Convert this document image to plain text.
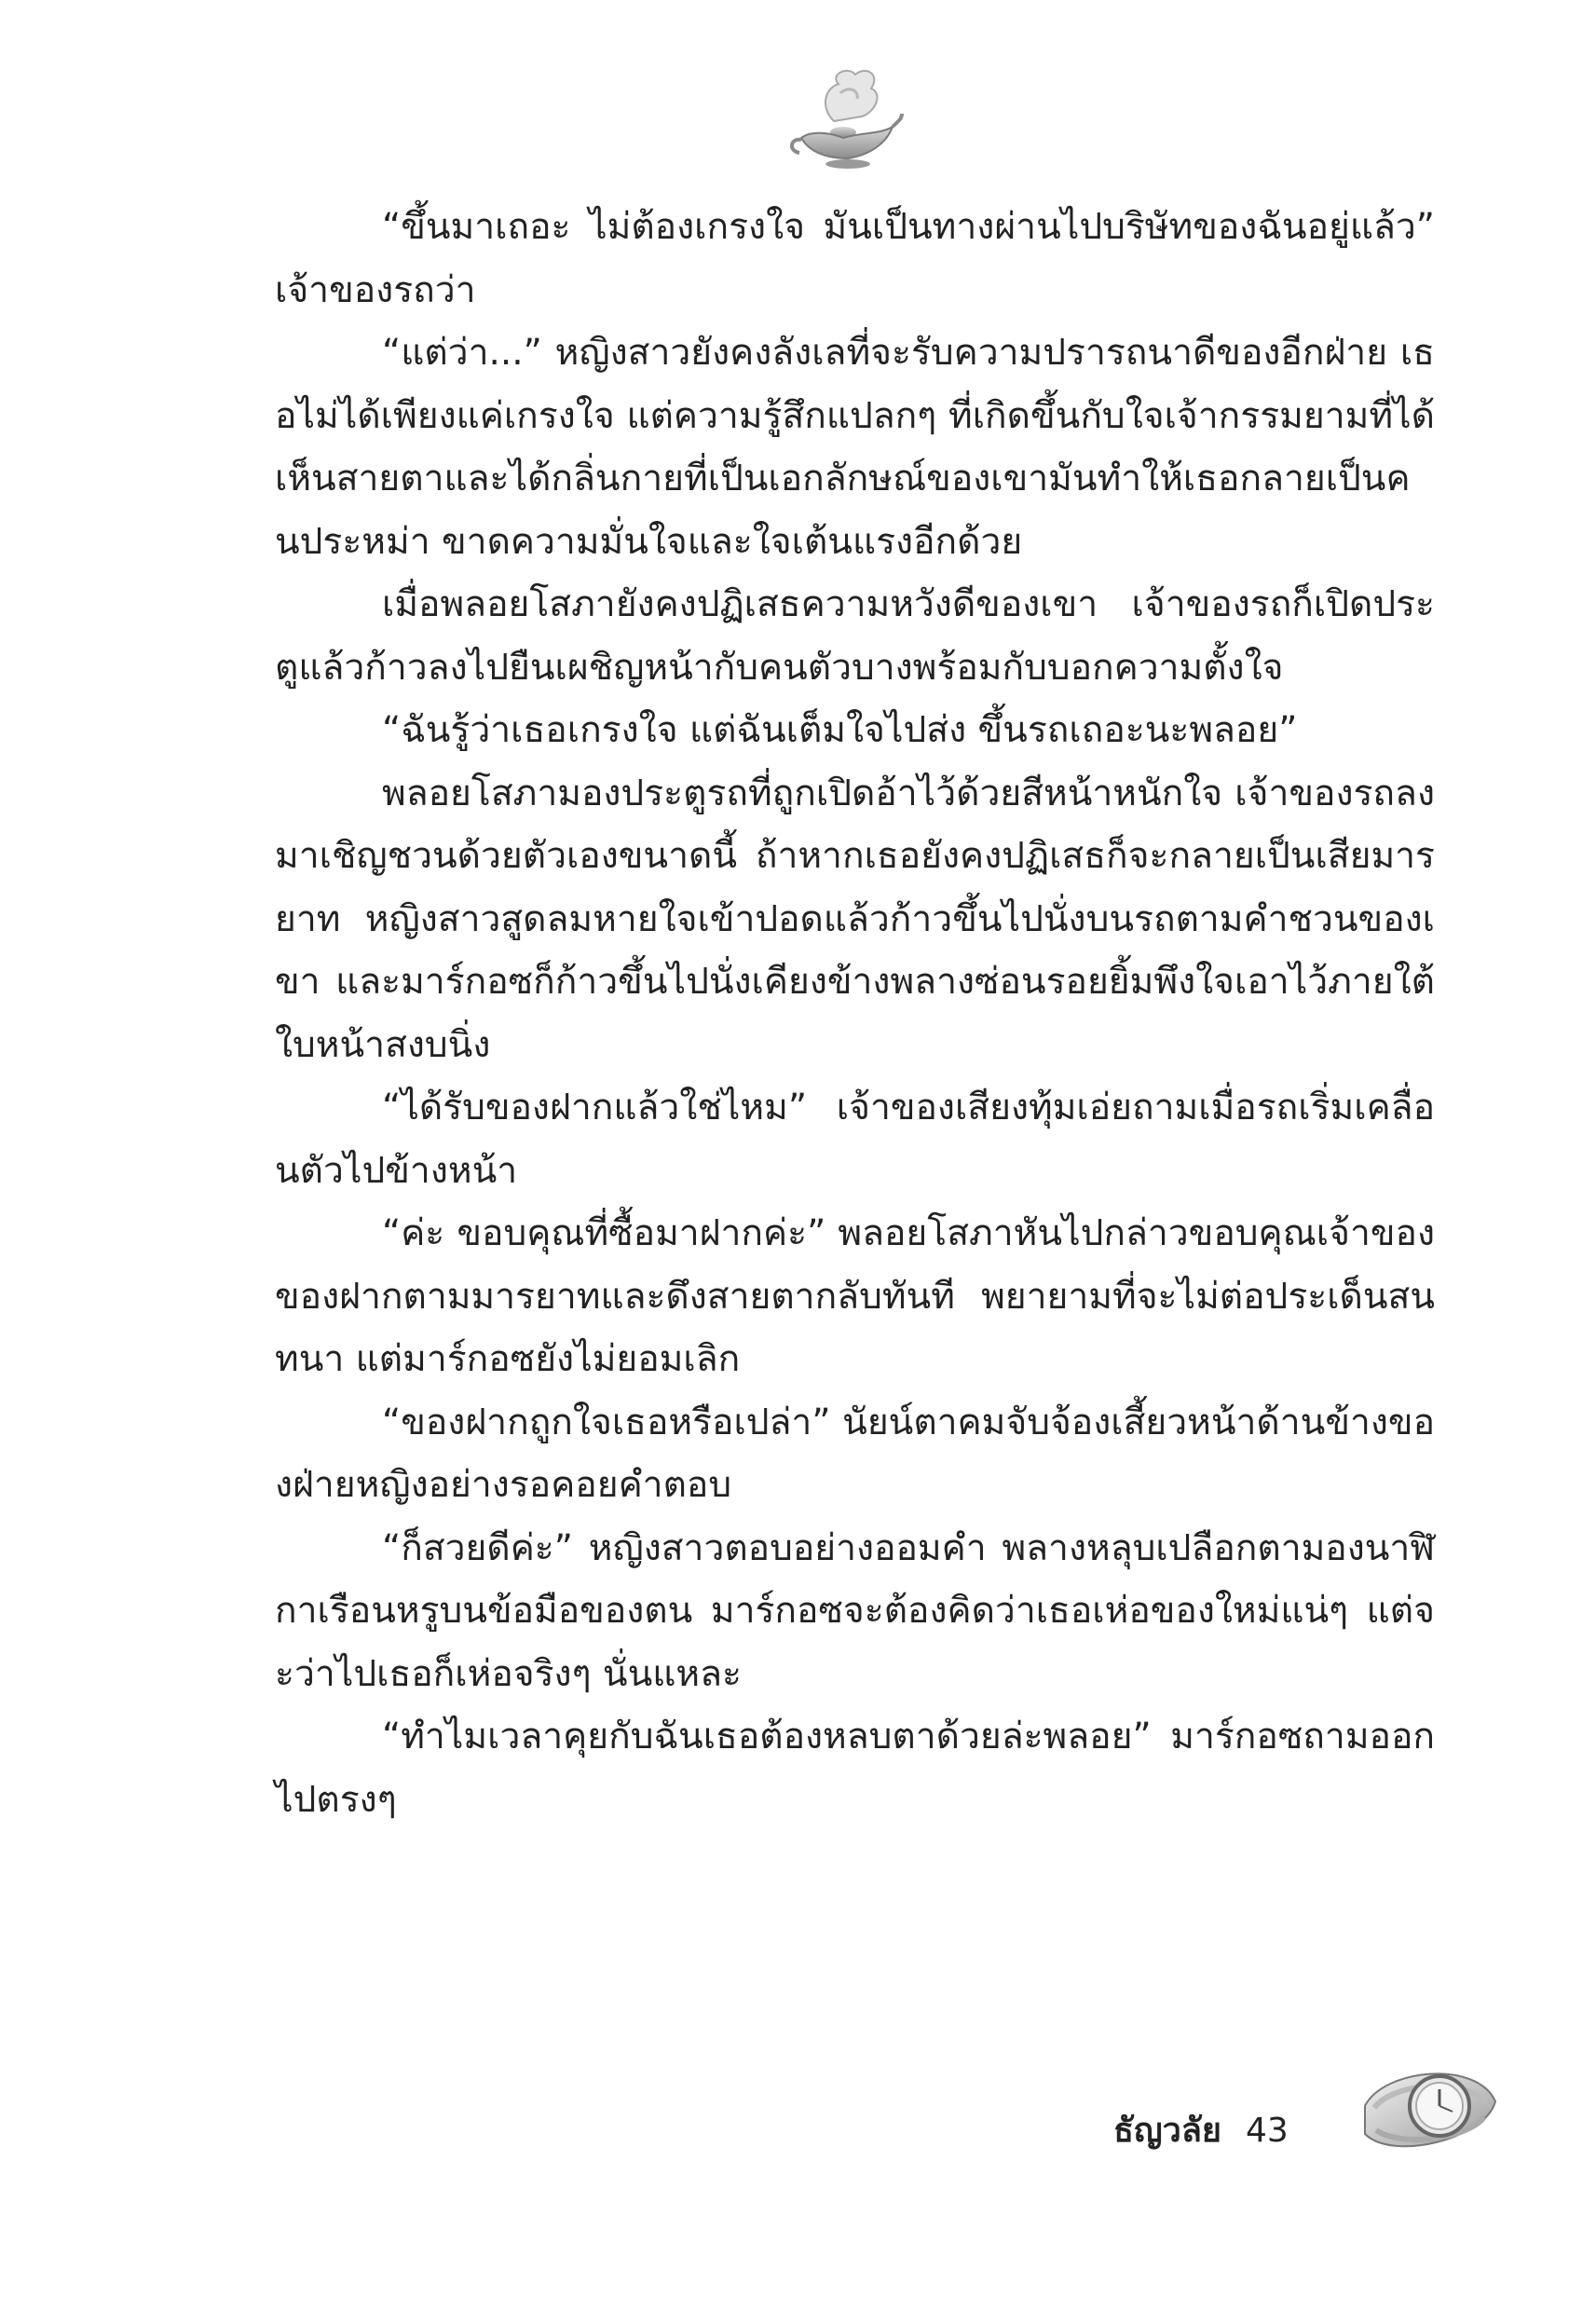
“ขึ้นมาเถอะ ไม่ต้องเกรงใจ มันเป็นทางผ่านไปบริษัทของฉันอยู่แล้ว” เจ้าของรถว่า

“แต่ว่า...” หญิงสาวยังคงลังเลที่จะรับความปรารถนาดีของอีกฝ่าย เธอไม่ได้เพียงแค่เกรงใจ แต่ความรู้สึกแปลกๆ ที่เกิดขึ้นกับใจเจ้ากรรมยามที่ได้เห็นสายตาและได้กลิ่นกายที่เป็นเอกลักษณ์ของเขามันทำให้เธอกลายเป็นคนประหม่า ขาดความมั่นใจและใจเต้นแรงอีกด้วย

เมื่อพลอยโสภายังคงปฏิเสธความหวังดีของเขา เจ้าของรถก็เปิดประตูแล้วก้าวลงไปยืนเผชิญหน้ากับคนตัวบางพร้อมกับบอกความตั้งใจ

“ฉันรู้ว่าเธอเกรงใจ แต่ฉันเต็มใจไปส่ง ขึ้นรถเถอะนะพลอย”

พลอยโสภามองประตูรถที่ถูกเปิดอ้าไว้ด้วยสีหน้าหนักใจ เจ้าของรถลงมาเชิญชวนด้วยตัวเองขนาดนี้ ถ้าหากเธอยังคงปฏิเสธก็จะกลายเป็นเสียมารยาท หญิงสาวสูดลมหายใจเข้าปอดแล้วก้าวขึ้นไปนั่งบนรถตามคำชวนของเขา และมาร์กอซก็ก้าวขึ้นไปนั่งเคียงข้างพลางซ่อนรอยยิ้มพึงใจเอาไว้ภายใต้ใบหน้าสงบนิ่ง

“ได้รับของฝากแล้วใช่ไหม” เจ้าของเสียงทุ้มเอ่ยถามเมื่อรถเริ่มเคลื่อนตัวไปข้างหน้า

“ค่ะ ขอบคุณที่ซื้อมาฝากค่ะ” พลอยโสภาหันไปกล่าวขอบคุณเจ้าของของฝากตามมารยาทและดึงสายตากลับทันที พยายามที่จะไม่ต่อประเด็นสนทนา แต่มาร์กอซยังไม่ยอมเลิก

“ของฝากถูกใจเธอหรือเปล่า” นัยน์ตาคมจับจ้องเสี้ยวหน้าด้านข้างของฝ่ายหญิงอย่างรอคอยคำตอบ

“ก็สวยดีค่ะ” หญิงสาวตอบอย่างออมคำ พลางหลุบเปลือกตามองนาฬิกาเรือนหรูบนข้อมือของตน มาร์กอซจะต้องคิดว่าเธอเห่อของใหม่แน่ๆ แต่จะว่าไปเธอก็เห่อจริงๆ นั่นแหละ

“ทำไมเวลาคุยกับฉันเธอต้องหลบตาด้วยล่ะพลอย” มาร์กอซถามออกไปตรงๆ

ธัญวลัย 43
